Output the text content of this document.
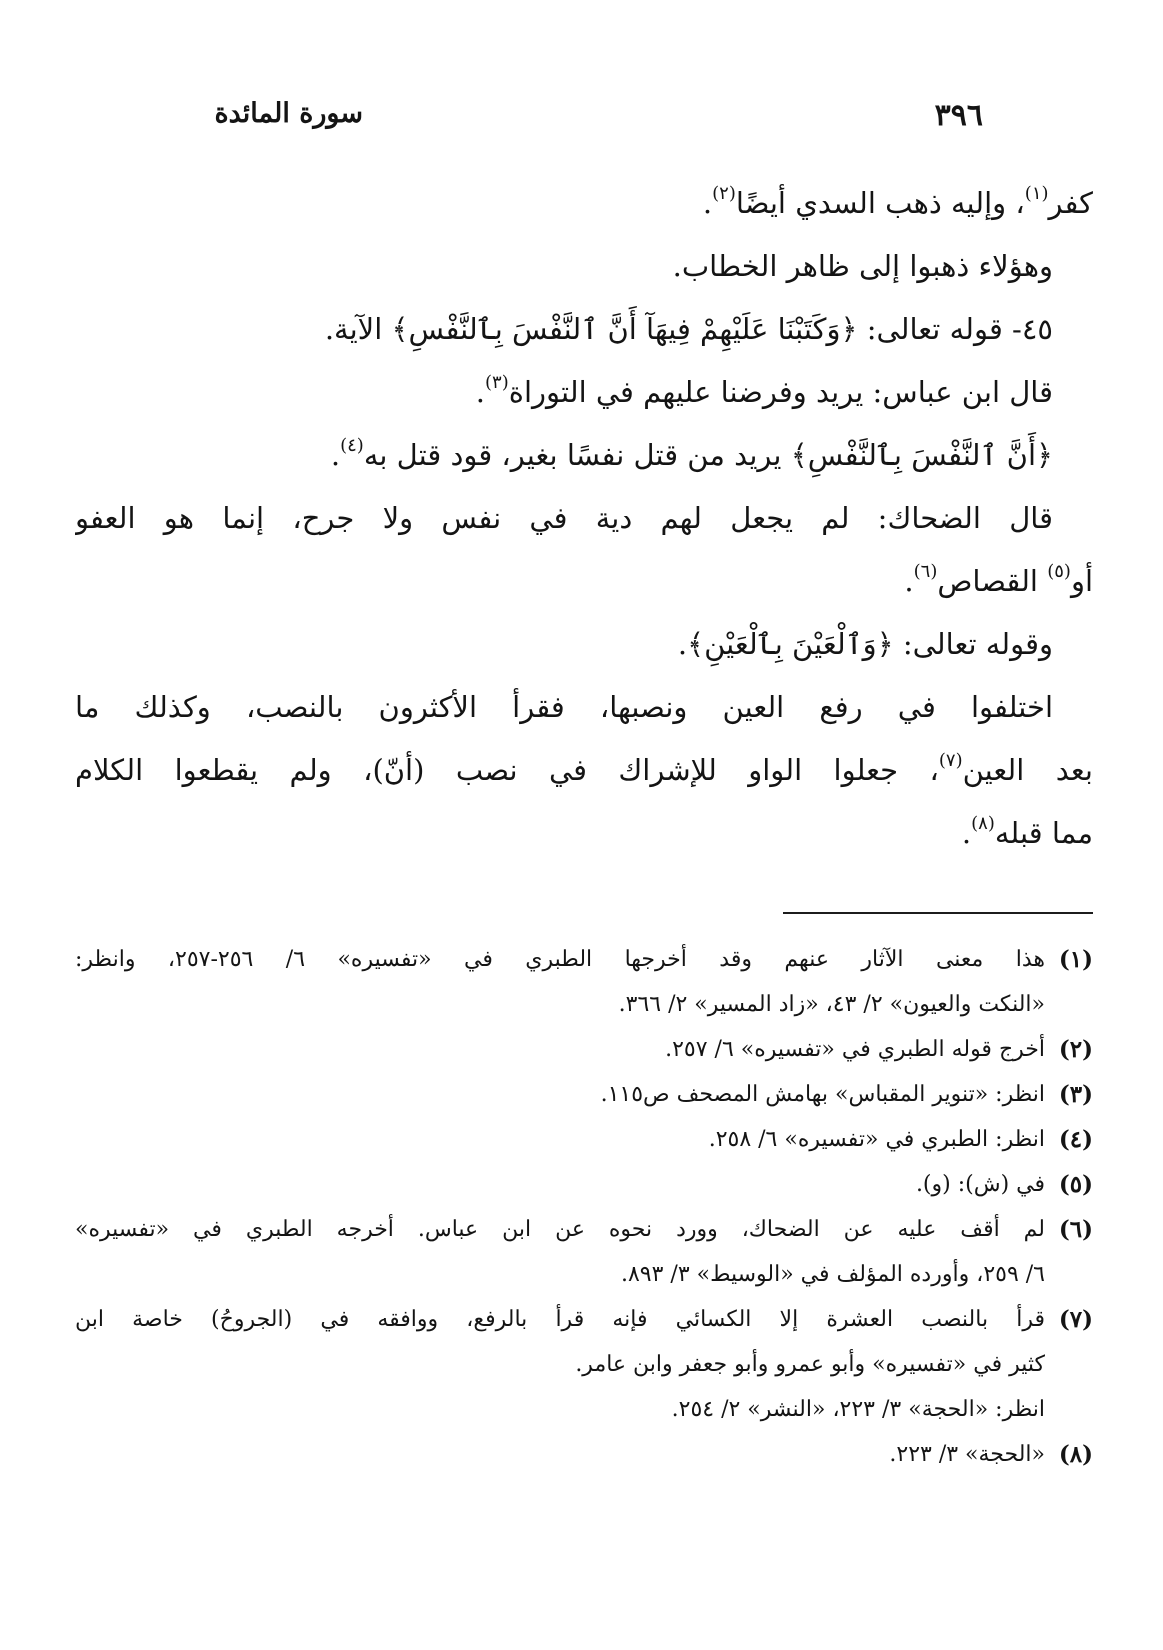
سورة المائدة	٣٩٦
كفر$^{(١)}$، وإليه ذهب السدي أيضًا$^{(٢)}$.
وهؤلاء ذهبوا إلى ظاهر الخطاب.
٤٥- قوله تعالى: ﴿وَكَتَبْنَا عَلَيْهِمْ فِيهَآ أَنَّ ٱلنَّفْسَ بِٱلنَّفْسِ﴾ الآية.
قال ابن عباس: يريد وفرضنا عليهم في التوراة$^{(٣)}$.
﴿أَنَّ ٱلنَّفْسَ بِٱلنَّفْسِ﴾ يريد من قتل نفسًا بغير، قود قتل به$^{(٤)}$.
قال الضحاك: لم يجعل لهم دية في نفس ولا جرح، إنما هو العفو
أو$^{(٥)}$ القصاص$^{(٦)}$.
وقوله تعالى: ﴿وَٱلْعَيْنَ بِٱلْعَيْنِ﴾.
اختلفوا في رفع العين ونصبها، فقرأ الأكثرون بالنصب، وكذلك ما
بعد العين$^{(٧)}$، جعلوا الواو للإشراك في نصب (أنّ)، ولم يقطعوا الكلام
مما قبله$^{(٨)}$.
(١)
هذا معنى الآثار عنهم وقد أخرجها الطبري في «تفسيره» ٦/ ٢٥٦-٢٥٧، وانظر:
«النكت والعيون» ٢/ ٤٣، «زاد المسير» ٢/ ٣٦٦.
(٢)
أخرج قوله الطبري في «تفسيره» ٦/ ٢٥٧.
(٣)
انظر: «تنوير المقباس» بهامش المصحف ص١١٥.
(٤)
انظر: الطبري في «تفسيره» ٦/ ٢٥٨.
(٥)
في (ش): (و).
(٦)
لم أقف عليه عن الضحاك، وورد نحوه عن ابن عباس. أخرجه الطبري في «تفسيره»
٦/ ٢٥٩، وأورده المؤلف في «الوسيط» ٣/ ٨٩٣.
(٧)
قرأ بالنصب العشرة إلا الكسائي فإنه قرأ بالرفع، ووافقه في (الجروحُ) خاصة ابن
كثير في «تفسيره» وأبو عمرو وأبو جعفر وابن عامر.
انظر: «الحجة» ٣/ ٢٢٣، «النشر» ٢/ ٢٥٤.
(٨)
«الحجة» ٣/ ٢٢٣.
